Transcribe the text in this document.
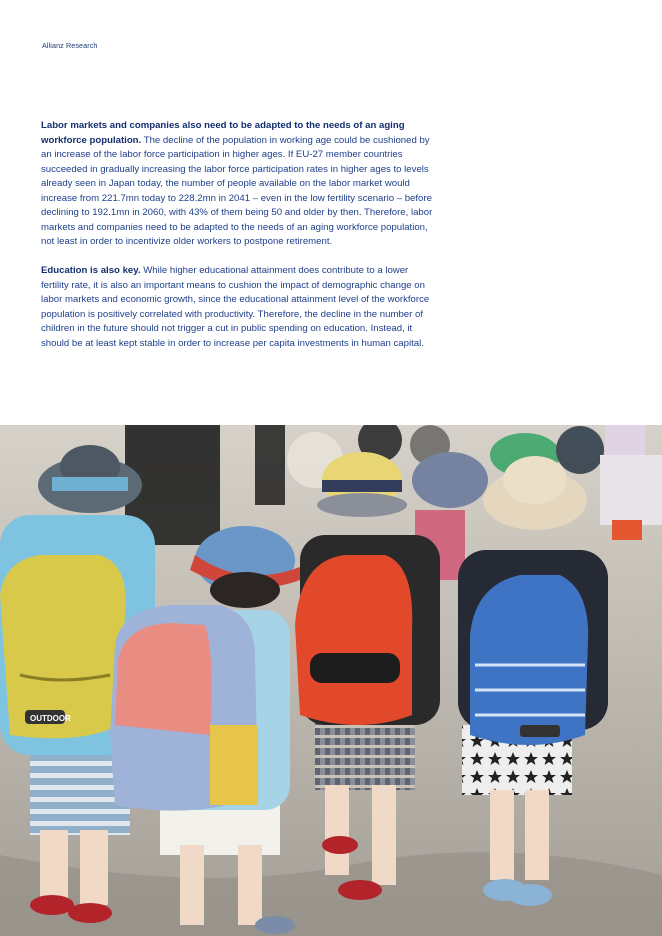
Allianz Research

Labor markets and companies also need to be adapted to the needs of an aging workforce population. The decline of the population in working age could be cushioned by an increase of the labor force participation in higher ages. If EU-27 member countries succeeded in gradually increasing the labor force participation rates in higher ages to levels already seen in Japan today, the number of people available on the labor market would increase from 221.7mn today to 228.2mn in 2041 – even in the low fertility scenario – before declining to 192.1mn in 2060, with 43% of them being 50 and older by then. Therefore, labor markets and companies need to be adapted to the needs of an aging workforce population, not least in order to incentivize older workers to postpone retirement.

Education is also key. While higher educational attainment does contribute to a lower fertility rate, it is also an important means to cushion the impact of demographic change on labor markets and economic growth, since the educational attainment level of the workforce population is positively correlated with productivity. Therefore, the decline in the number of children in the future should not trigger a cut in public spending on education. Instead, it should be at least kept stable in order to increase per capita investments in human capital.

OUTDOOR
